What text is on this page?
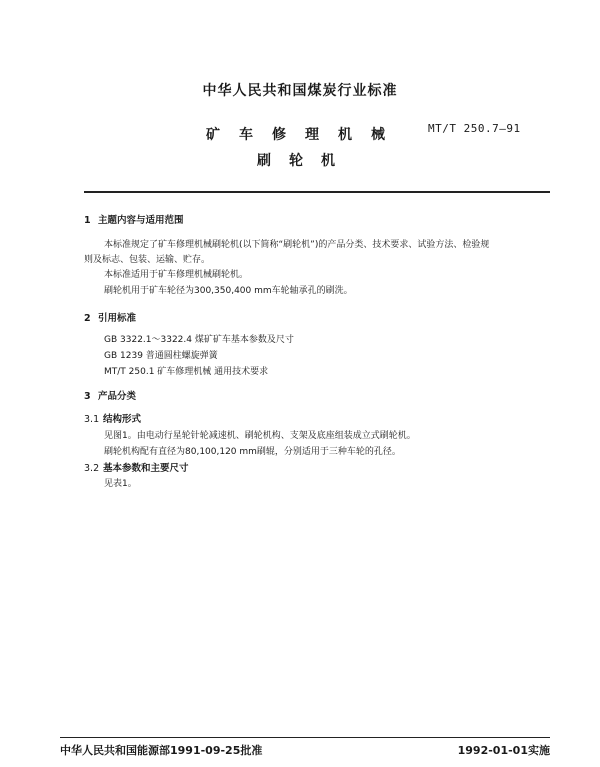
中华人民共和国煤炭行业标准
MT/T 250.7—91
矿车修理机械
刷轮机
1 主题内容与适用范围
本标准规定了矿车修理机械刷轮机(以下简称“刷轮机”)的产品分类、技术要求、试验方法、检验规
则及标志、包装、运输、贮存。
本标准适用于矿车修理机械刷轮机。
刷轮机用于矿车轮径为300,350,400 mm车轮轴承孔的刷洗。
2 引用标准
GB 3322.1～3322.4 煤矿矿车基本参数及尺寸
GB 1239 普通圆柱螺旋弹簧
MT/T 250.1 矿车修理机械 通用技术要求
3 产品分类
3.1 结构形式
见图1。由电动行星轮针轮减速机、刷轮机构、支架及底座组装成立式刷轮机。
刷轮机构配有直径为80,100,120 mm刷辊，分别适用于三种车轮的孔径。
3.2 基本参数和主要尺寸
见表1。
中华人民共和国能源部1991-09-25批准	1992-01-01实施
